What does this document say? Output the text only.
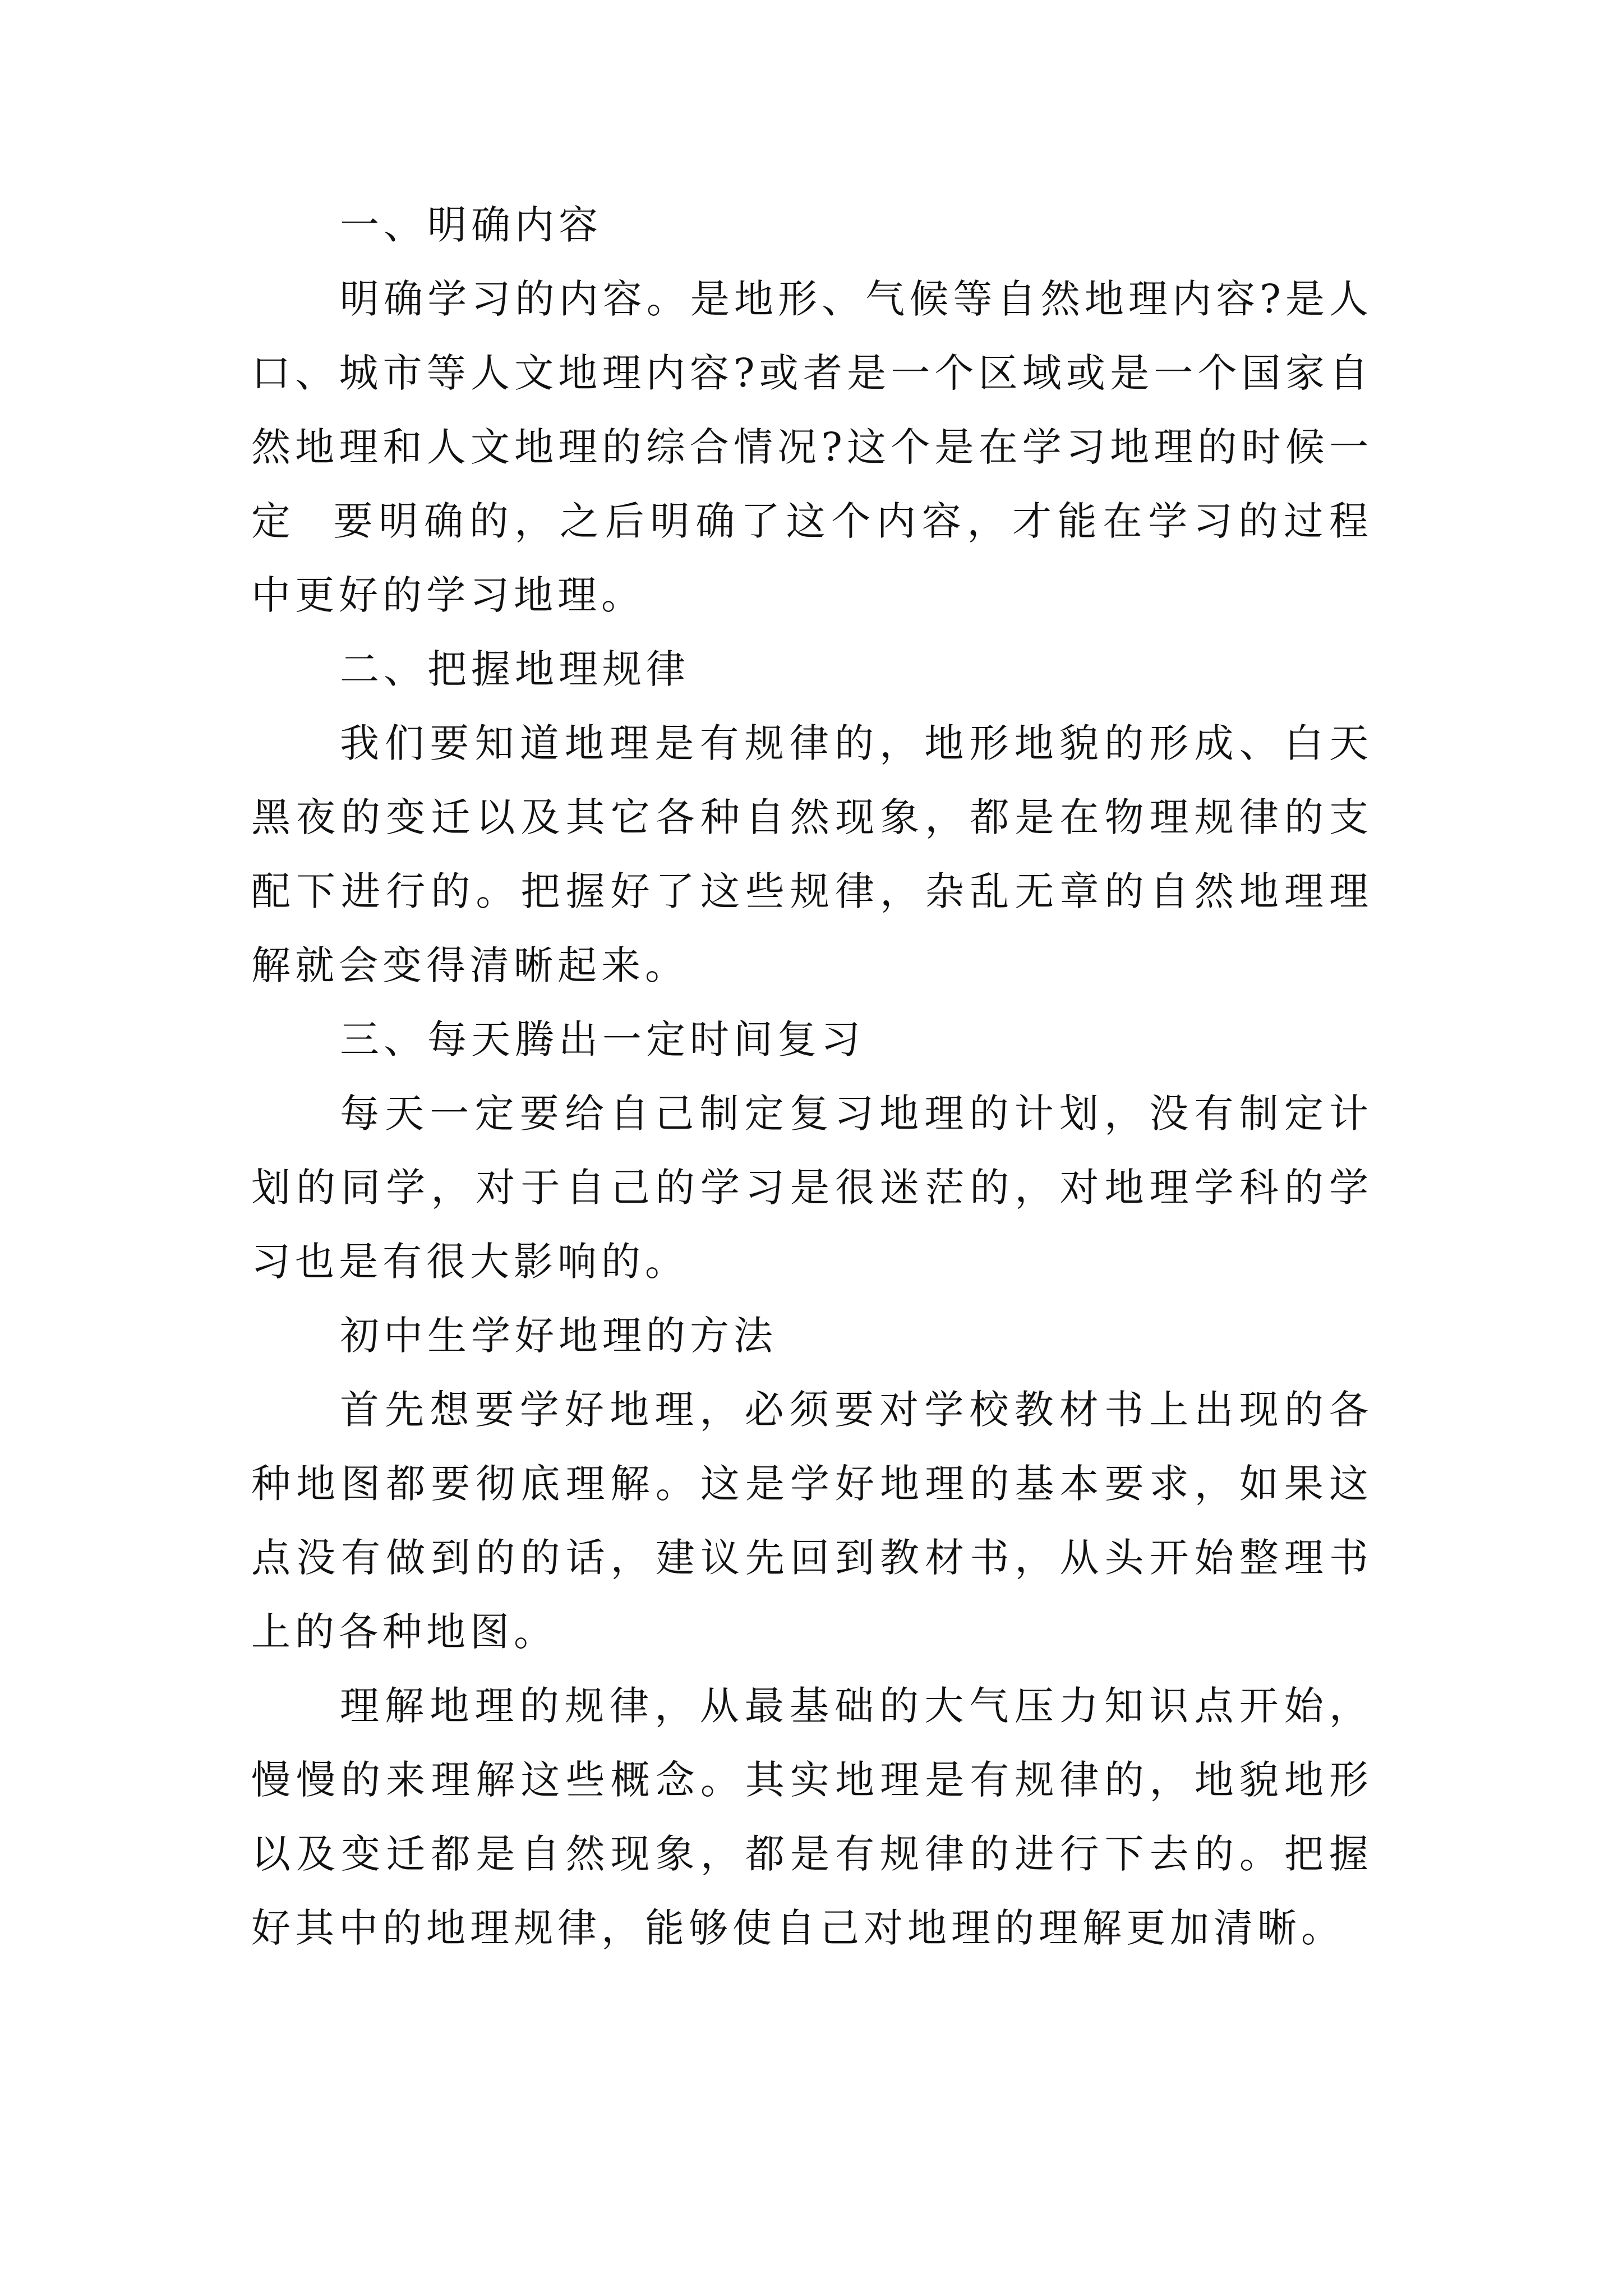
一、明确内容

明确学习的内容。是地形、气候等自然地理内容?是人口、城市等人文地理内容?或者是一个区域或是一个国家自然地理和人文地理的综合情况?这个是在学习地理的时候一定  要明确的，之后明确了这个内容，才能在学习的过程中更好的学习地理。

二、把握地理规律

我们要知道地理是有规律的，地形地貌的形成、白天黑夜的变迁以及其它各种自然现象，都是在物理规律的支配下进行的。把握好了这些规律，杂乱无章的自然地理理解就会变得清晰起来。

三、每天腾出一定时间复习

每天一定要给自己制定复习地理的计划，没有制定计划的同学，对于自己的学习是很迷茫的，对地理学科的学习也是有很大影响的。

初中生学好地理的方法

首先想要学好地理，必须要对学校教材书上出现的各种地图都要彻底理解。这是学好地理的基本要求，如果这点没有做到的的话，建议先回到教材书，从头开始整理书上的各种地图。

理解地理的规律，从最基础的大气压力知识点开始，慢慢的来理解这些概念。其实地理是有规律的，地貌地形以及变迁都是自然现象，都是有规律的进行下去的。把握好其中的地理规律，能够使自己对地理的理解更加清晰。
